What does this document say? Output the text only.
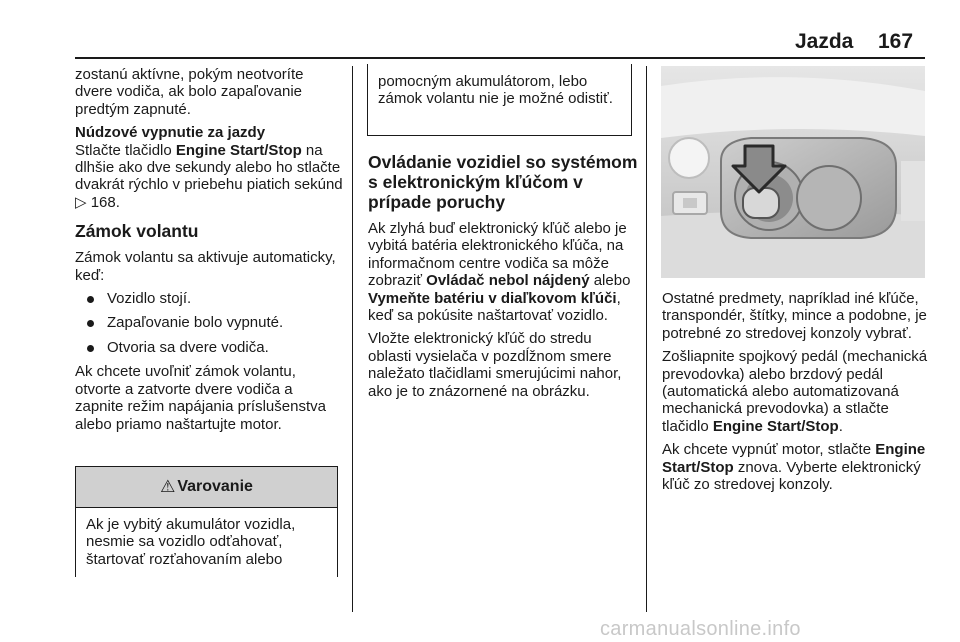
Jazda 167

zostanú aktívne, pokým neotvoríte dvere vodiča, ak bolo zapaľovanie predtým zapnuté.

Núdzové vypnutie za jazdy

Stlačte tlačidlo Engine Start/Stop na dlhšie ako dve sekundy alebo ho stlačte dvakrát rýchlo v priebehu piatich sekúnd ▷ 168.

Zámok volantu

Zámok volantu sa aktivuje automaticky, keď:

Vozidlo stojí.
Zapaľovanie bolo vypnuté.
Otvoria sa dvere vodiča.

Ak chcete uvoľniť zámok volantu, otvorte a zatvorte dvere vodiča a zapnite režim napájania príslušenstva alebo priamo naštartujte motor.

⚠ Varovanie
Ak je vybitý akumulátor vozidla, nesmie sa vozidlo odťahovať, štartovať rozťahovaním alebo
pomocným akumulátorom, lebo zámok volantu nie je možné odistiť.
Ovládanie vozidiel so systémom s elektronickým kľúčom v prípade poruchy

Ak zlyhá buď elektronický kľúč alebo je vybitá batéria elektronického kľúča, na informačnom centre vodiča sa môže zobraziť Ovládač nebol nájdený alebo Vymeňte batériu v diaľkovom kľúči, keď sa pokúsite naštartovať vozidlo.

Vložte elektronický kľúč do stredu oblasti vysielača v pozdĺžnom smere naležato tlačidlami smerujúcimi nahor, ako je to znázornené na obrázku.

Ostatné predmety, napríklad iné kľúče, transpondér, štítky, mince a podobne, je potrebné zo stredovej konzoly vybrať.

Zošliapnite spojkový pedál (mechanická prevodovka) alebo brzdový pedál (automatická alebo automatizovaná mechanická prevodovka) a stlačte tlačidlo Engine Start/Stop.

Ak chcete vypnúť motor, stlačte Engine Start/Stop znova. Vyberte elektronický kľúč zo stredovej konzoly.

carmanualsonline.info
